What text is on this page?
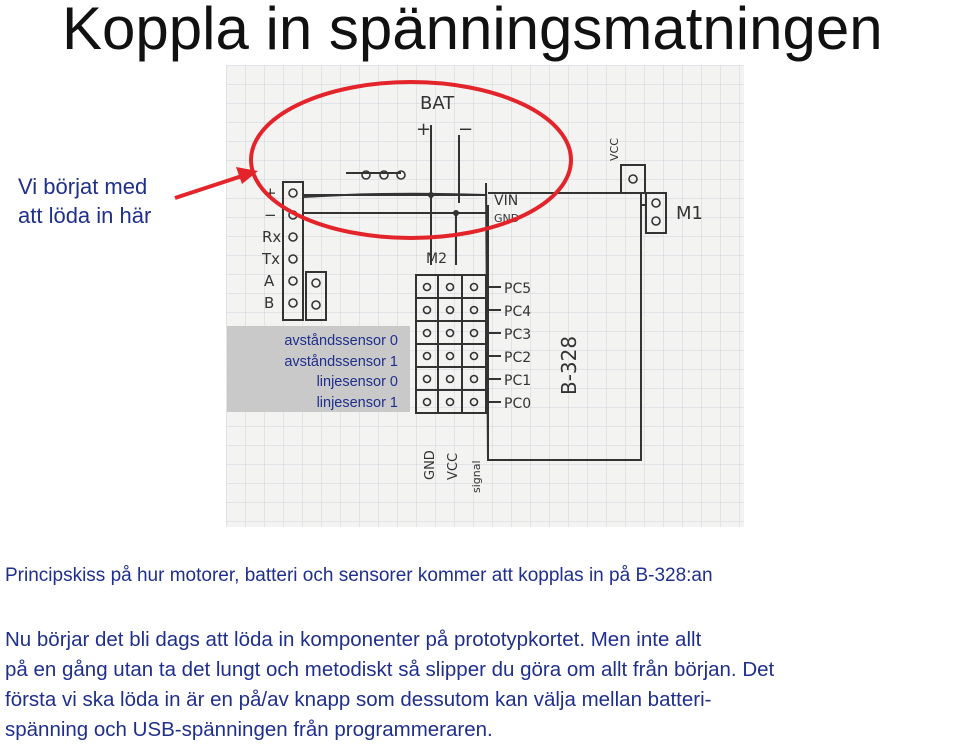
Koppla in spänningsmatningen
Vi börjat med
att löda in här
BAT
+ −
VCC
M1
M2
VIN
GND
+
−
Rx
Tx
A
B
PC5
PC4
PC3
PC2
PC1
PC0
B-328
GND VCC signal
avståndssensor 0
avståndssensor 1
linjesensor 0
linjesensor 1
Principskiss på hur motorer, batteri och sensorer kommer att kopplas in på B-328:an
Nu börjar det bli dags att löda in komponenter på prototypkortet. Men inte allt
på en gång utan ta det lungt och metodiskt så slipper du göra om allt från början. Det
första vi ska löda in är en på/av knapp som dessutom kan välja mellan batteri-
spänning och USB-spänningen från programmeraren.
